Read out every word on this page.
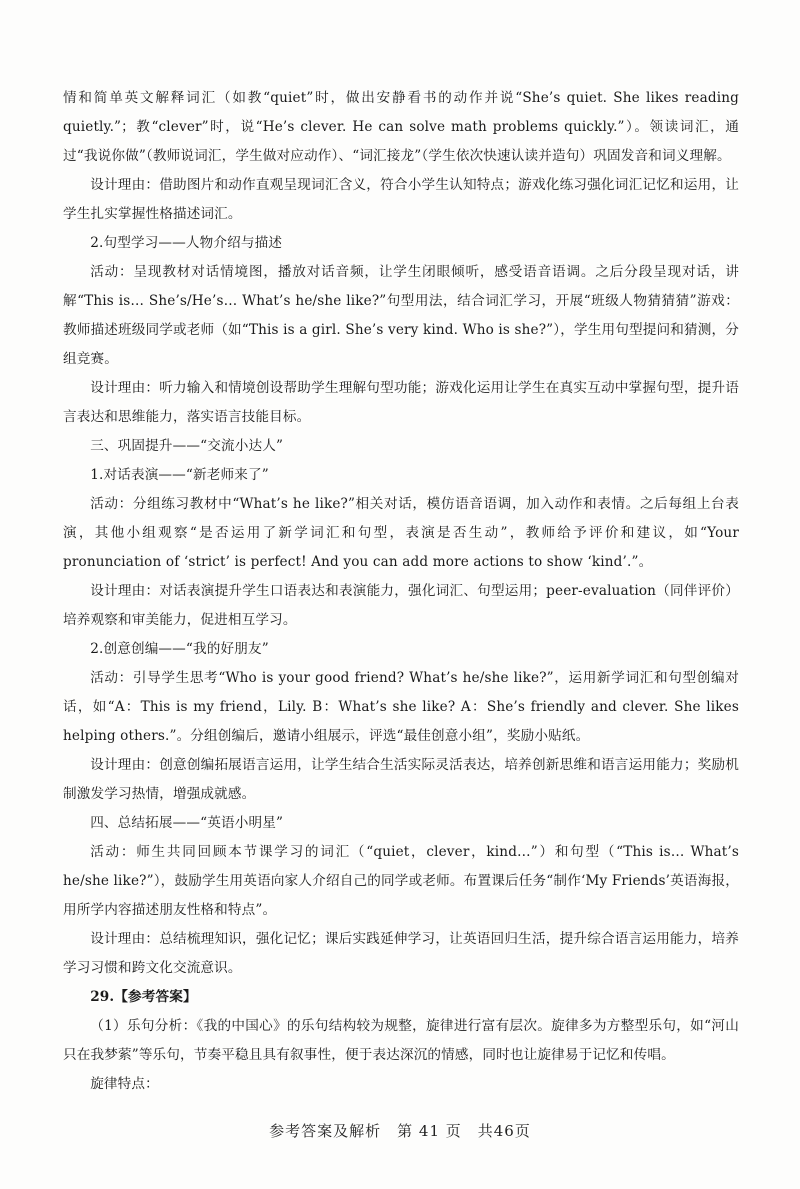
情和简单英文解释词汇（如教“quiet”时，做出安静看书的动作并说“She’s quiet. She likes reading quietly.”；教“clever”时，说“He’s clever. He can solve math problems quickly.”）。领读词汇，通过“我说你做”（教师说词汇，学生做对应动作）、“词汇接龙”（学生依次快速认读并造句）巩固发音和词义理解。

设计理由：借助图片和动作直观呈现词汇含义，符合小学生认知特点；游戏化练习强化词汇记忆和运用，让学生扎实掌握性格描述词汇。

2.句型学习——人物介绍与描述

活动：呈现教材对话情境图，播放对话音频，让学生闭眼倾听，感受语音语调。之后分段呈现对话，讲解“This is… She’s/He’s… What’s he/she like?”句型用法，结合词汇学习，开展“班级人物猜猜猜”游戏：教师描述班级同学或老师（如“This is a girl. She’s very kind. Who is she?”），学生用句型提问和猜测，分组竞赛。

设计理由：听力输入和情境创设帮助学生理解句型功能；游戏化运用让学生在真实互动中掌握句型，提升语言表达和思维能力，落实语言技能目标。

三、巩固提升——“交流小达人”

1.对话表演——“新老师来了”

活动：分组练习教材中“What’s he like?”相关对话，模仿语音语调，加入动作和表情。之后每组上台表演，其他小组观察“是否运用了新学词汇和句型，表演是否生动”，教师给予评价和建议，如“Your pronunciation of ‘strict’ is perfect! And you can add more actions to show ‘kind’.”。

设计理由：对话表演提升学生口语表达和表演能力，强化词汇、句型运用；peer-evaluation（同伴评价）培养观察和审美能力，促进相互学习。

2.创意创编——“我的好朋友”

活动：引导学生思考“Who is your good friend? What’s he/she like?”，运用新学词汇和句型创编对话，如“A：This is my friend，Lily. B：What’s she like? A：She’s friendly and clever. She likes helping others.”。分组创编后，邀请小组展示，评选“最佳创意小组”，奖励小贴纸。

设计理由：创意创编拓展语言运用，让学生结合生活实际灵活表达，培养创新思维和语言运用能力；奖励机制激发学习热情，增强成就感。

四、总结拓展——“英语小明星”

活动：师生共同回顾本节课学习的词汇（“quiet，clever，kind…”）和句型（“This is… What’s he/she like?”），鼓励学生用英语向家人介绍自己的同学或老师。布置课后任务“制作‘My Friends’英语海报，用所学内容描述朋友性格和特点”。

设计理由：总结梳理知识，强化记忆；课后实践延伸学习，让英语回归生活，提升综合语言运用能力，培养学习习惯和跨文化交流意识。

29.【参考答案】

（1）乐句分析：《我的中国心》的乐句结构较为规整，旋律进行富有层次。旋律多为方整型乐句，如“河山只在我梦萦”等乐句，节奏平稳且具有叙事性，便于表达深沉的情感，同时也让旋律易于记忆和传唱。

旋律特点：

参考答案及解析　第 41 页　共46页
